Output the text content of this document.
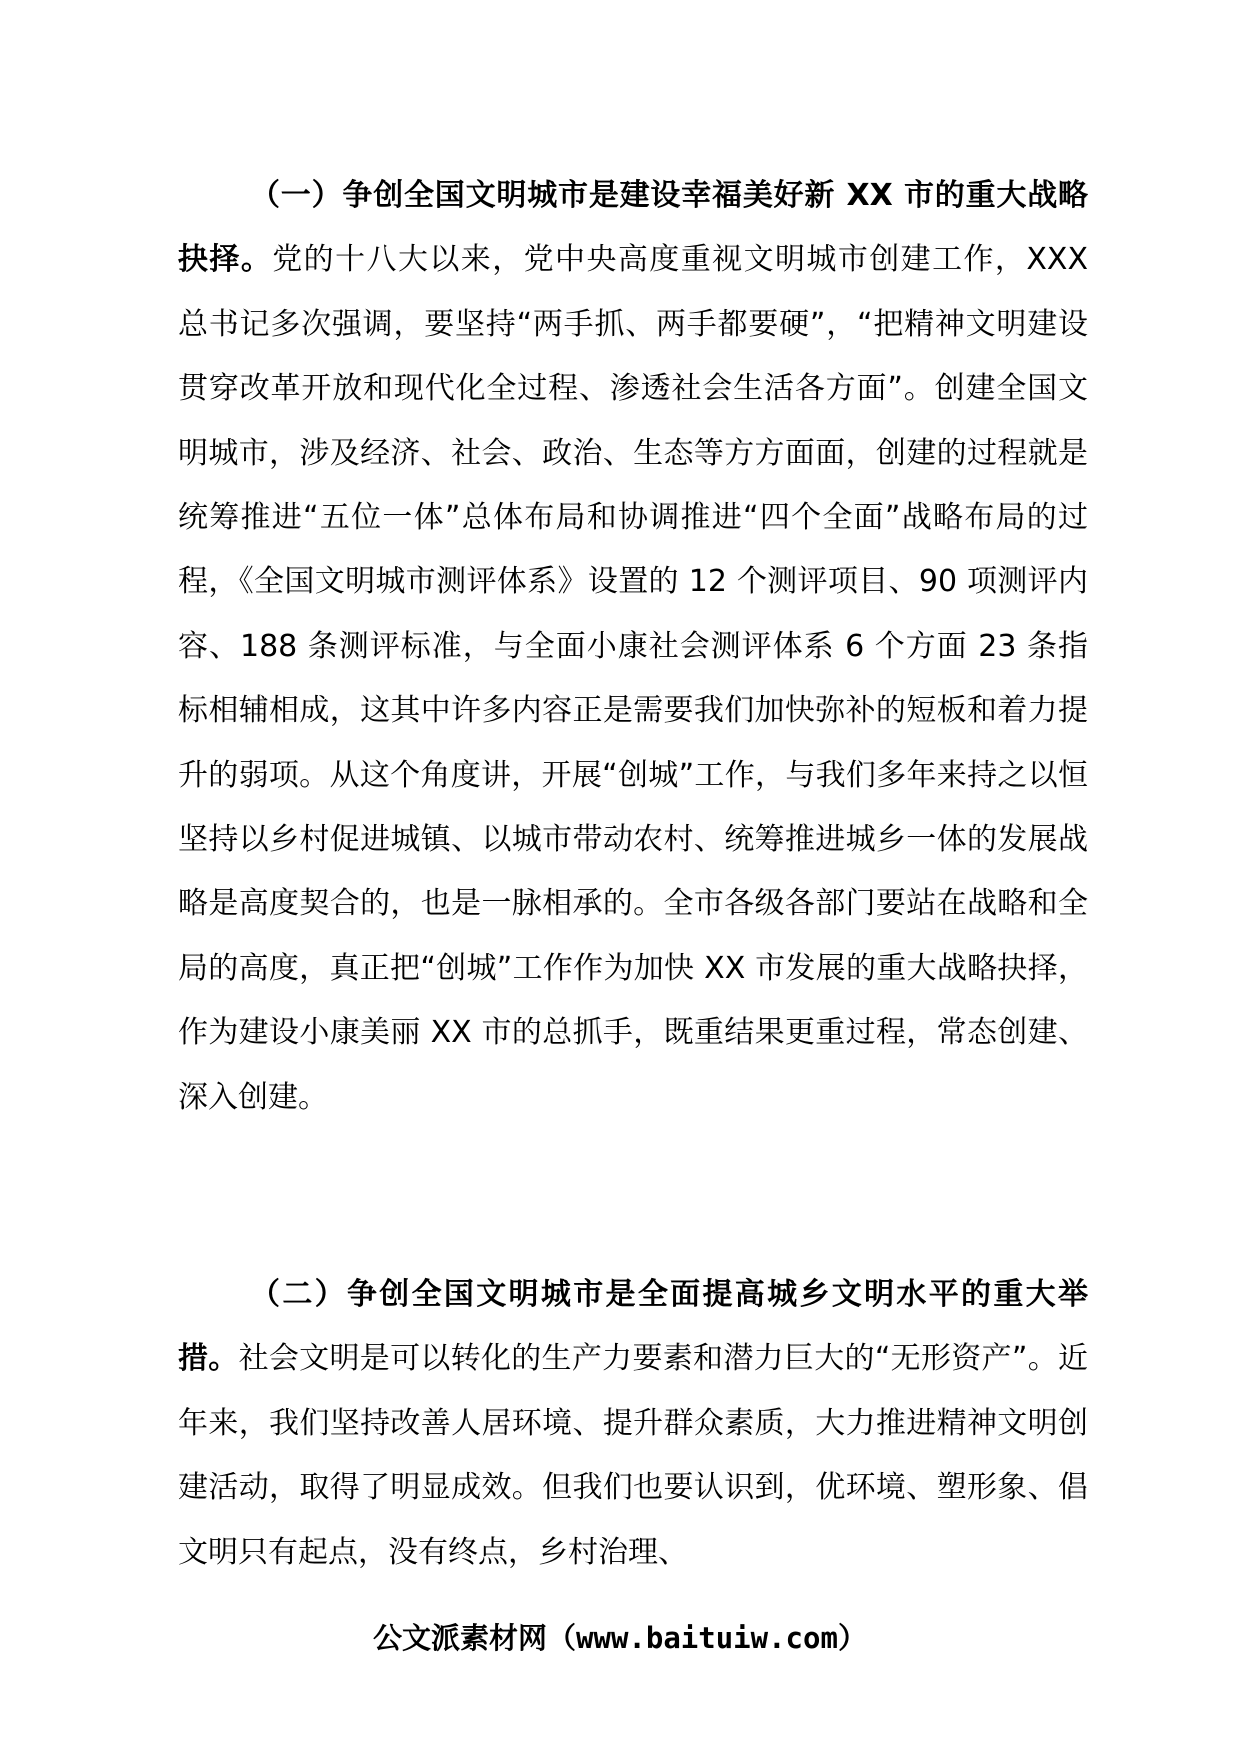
（一）争创全国文明城市是建设幸福美好新 XX 市的重大战略抉择。党的十八大以来，党中央高度重视文明城市创建工作，XXX 总书记多次强调，要坚持“两手抓、两手都要硬”，“把精神文明建设贯穿改革开放和现代化全过程、渗透社会生活各方面”。创建全国文明城市，涉及经济、社会、政治、生态等方方面面，创建的过程就是统筹推进“五位一体”总体布局和协调推进“四个全面”战略布局的过程，《全国文明城市测评体系》设置的 12 个测评项目、90 项测评内容、188 条测评标准，与全面小康社会测评体系 6 个方面 23 条指标相辅相成，这其中许多内容正是需要我们加快弥补的短板和着力提升的弱项。从这个角度讲，开展“创城”工作，与我们多年来持之以恒坚持以乡村促进城镇、以城市带动农村、统筹推进城乡一体的发展战略是高度契合的，也是一脉相承的。全市各级各部门要站在战略和全局的高度，真正把“创城”工作作为加快 XX 市发展的重大战略抉择，作为建设小康美丽 XX 市的总抓手，既重结果更重过程，常态创建、深入创建。

（二）争创全国文明城市是全面提高城乡文明水平的重大举措。社会文明是可以转化的生产力要素和潜力巨大的“无形资产”。近年来，我们坚持改善人居环境、提升群众素质，大力推进精神文明创建活动，取得了明显成效。但我们也要认识到，优环境、塑形象、倡文明只有起点，没有终点，乡村治理、

公文派素材网（www.baituiw.com）
